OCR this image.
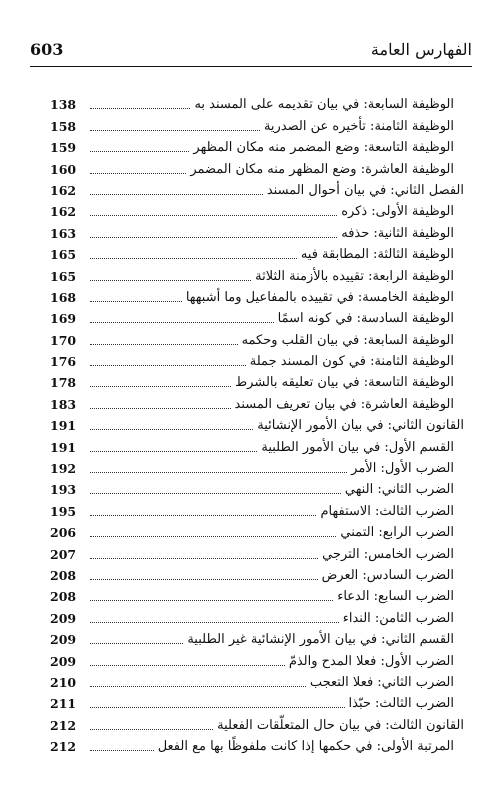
603	الفهارس العامة
138	الوظيفة السابعة: في بيان تقديمه على المسند به
158	الوظيفة الثامنة: تأخيره عن الصدرية
159	الوظيفة التاسعة: وضع المضمر منه مكان المظهر
160	الوظيفة العاشرة: وضع المظهر منه مكان المضمر
162	الفصل الثاني: في بيان أحوال المسند
162	الوظيفة الأولى: ذكره
163	الوظيفة الثانية: حذفه
165	الوظيفة الثالثة: المطابقة فيه
165	الوظيفة الرابعة: تقييده بالأزمنة الثلاثة
168	الوظيفة الخامسة: في تقييده بالمفاعيل وما أشبهها
169	الوظيفة السادسة: في كونه اسمًا
170	الوظيفة السابعة: في بيان القلب وحكمه
176	الوظيفة الثامنة: في كون المسند جملة
178	الوظيفة التاسعة: في بيان تعليقه بالشرط
183	الوظيفة العاشرة: في بيان تعريف المسند
191	القانون الثاني: في بيان الأمور الإنشائية
191	القسم الأول: في بيان الأمور الطلبية
192	الضرب الأول: الأمر
193	الضرب الثاني: النهي
195	الضرب الثالث: الاستفهام
206	الضرب الرابع: التمني
207	الضرب الخامس: الترجي
208	الضرب السادس: العرض
208	الضرب السابع: الدعاء
209	الضرب الثامن: النداء
209	القسم الثاني: في بيان الأمور الإنشائية غير الطلبية
209	الضرب الأول: فعلا المدح والذمّ
210	الضرب الثاني: فعلا التعجب
211	الضرب الثالث: حبّذا
212	القانون الثالث: في بيان حال المتعلّقات الفعلية
212	المرتبة الأولى: في حكمها إذا كانت ملفوظًا بها مع الفعل
